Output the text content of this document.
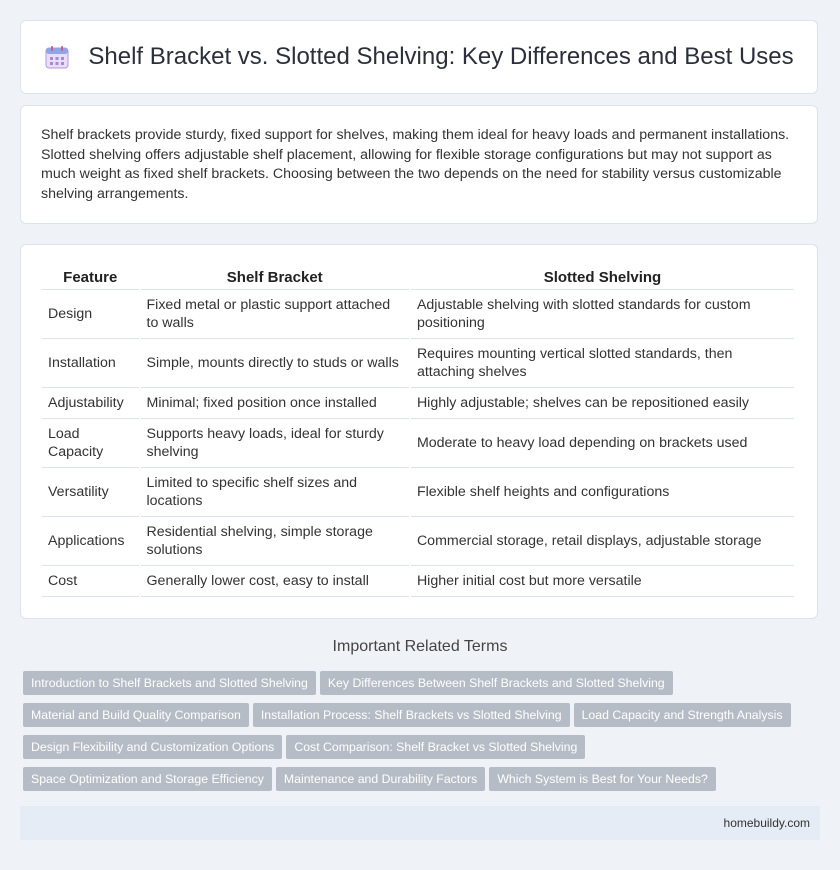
Shelf Bracket vs. Slotted Shelving: Key Differences and Best Uses

Shelf brackets provide sturdy, fixed support for shelves, making them ideal for heavy loads and permanent installations. Slotted shelving offers adjustable shelf placement, allowing for flexible storage configurations but may not support as much weight as fixed shelf brackets. Choosing between the two depends on the need for stability versus customizable shelving arrangements.

Feature	Shelf Bracket	Slotted Shelving
Design	Fixed metal or plastic support attached to walls	Adjustable shelving with slotted standards for custom positioning
Installation	Simple, mounts directly to studs or walls	Requires mounting vertical slotted standards, then attaching shelves
Adjustability	Minimal; fixed position once installed	Highly adjustable; shelves can be repositioned easily
Load Capacity	Supports heavy loads, ideal for sturdy shelving	Moderate to heavy load depending on brackets used
Versatility	Limited to specific shelf sizes and locations	Flexible shelf heights and configurations
Applications	Residential shelving, simple storage solutions	Commercial storage, retail displays, adjustable storage
Cost	Generally lower cost, easy to install	Higher initial cost but more versatile
Important Related Terms
Introduction to Shelf Brackets and Slotted Shelving Key Differences Between Shelf Brackets and Slotted ShelvingMaterial and Build Quality Comparison Installation Process: Shelf Brackets vs Slotted Shelving Load Capacity and Strength AnalysisDesign Flexibility and Customization Options Cost Comparison: Shelf Bracket vs Slotted ShelvingSpace Optimization and Storage Efficiency Maintenance and Durability Factors Which System is Best for Your Needs?
homebuildy.com
